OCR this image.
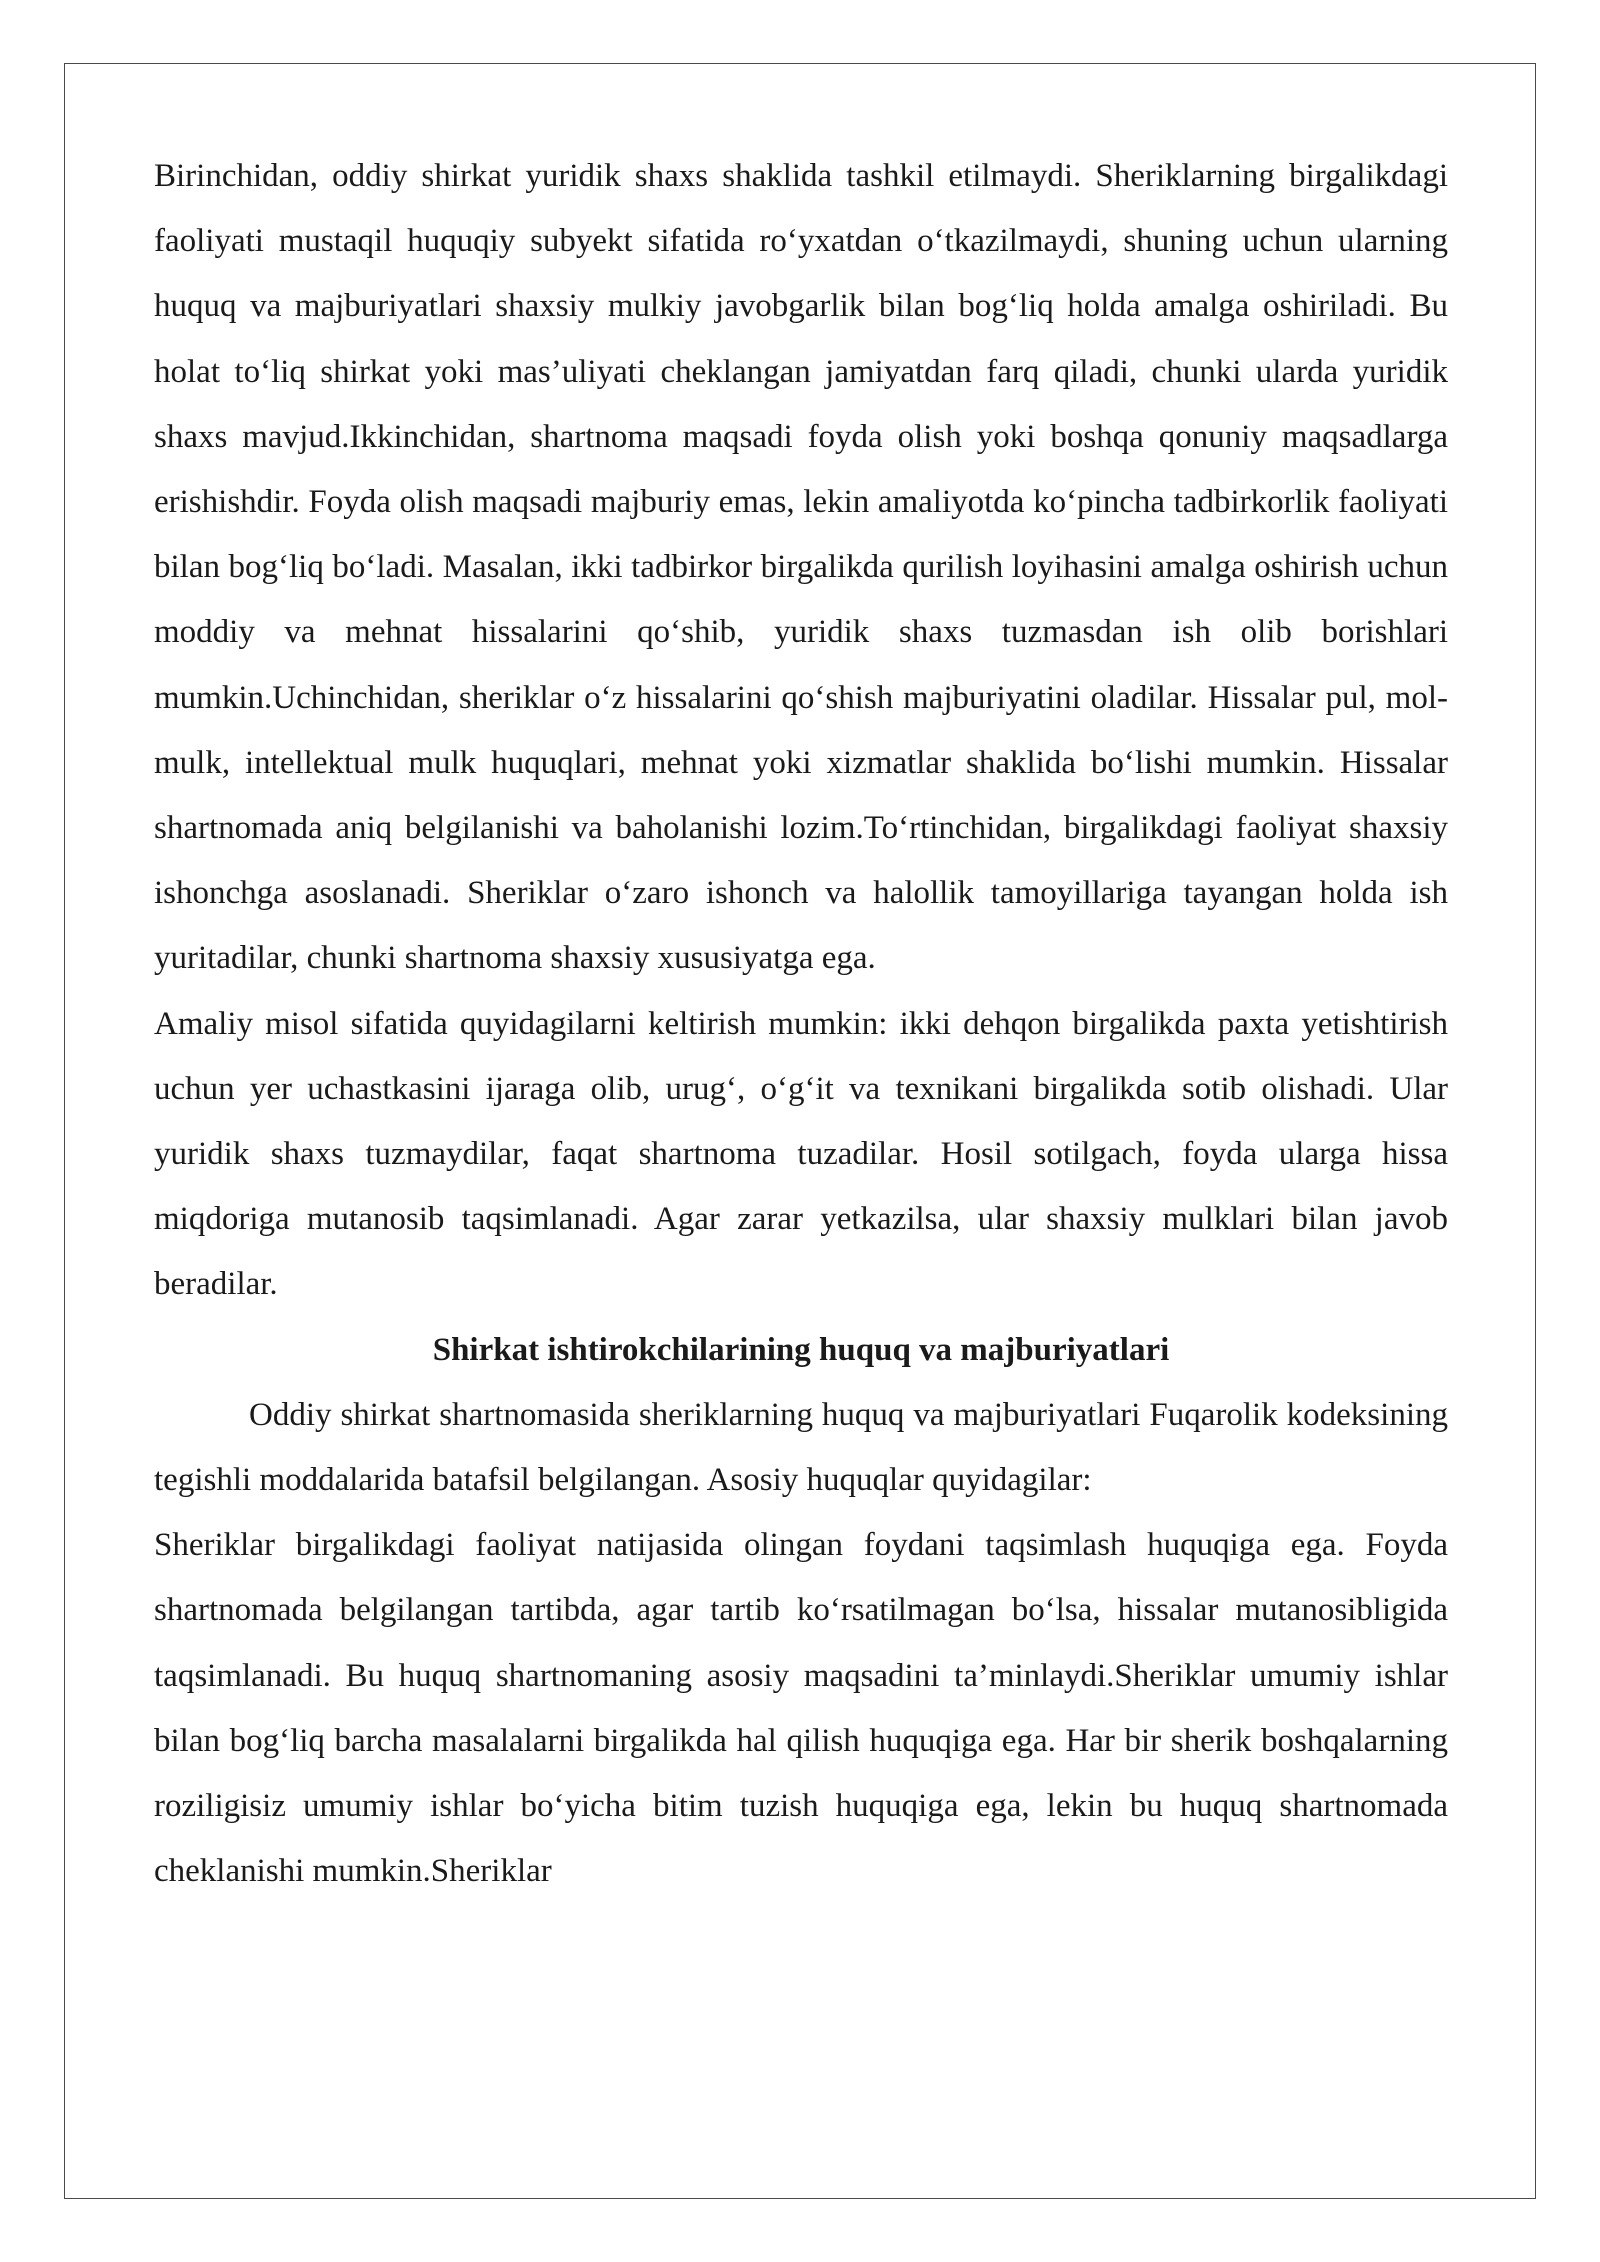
Birinchidan, oddiy shirkat yuridik shaxs shaklida tashkil etilmaydi. Sheriklarning birgalikdagi faoliyati mustaqil huquqiy subyekt sifatida roʻyxatdan oʻtkazilmaydi, shuning uchun ularning huquq va majburiyatlari shaxsiy mulkiy javobgarlik bilan bogʻliq holda amalga oshiriladi. Bu holat toʻliq shirkat yoki mas’uliyati cheklangan jamiyatdan farq qiladi, chunki ularda yuridik shaxs mavjud.Ikkinchidan, shartnoma maqsadi foyda olish yoki boshqa qonuniy maqsadlarga erishishdir. Foyda olish maqsadi majburiy emas, lekin amaliyotda koʻpincha tadbirkorlik faoliyati bilan bogʻliq boʻladi. Masalan, ikki tadbirkor birgalikda qurilish loyihasini amalga oshirish uchun moddiy va mehnat hissalarini qoʻshib, yuridik shaxs tuzmasdan ish olib borishlari mumkin.Uchinchidan, sheriklar oʻz hissalarini qoʻshish majburiyatini oladilar. Hissalar pul, mol-mulk, intellektual mulk huquqlari, mehnat yoki xizmatlar shaklida boʻlishi mumkin. Hissalar shartnomada aniq belgilanishi va baholanishi lozim.Toʻrtinchidan, birgalikdagi faoliyat shaxsiy ishonchga asoslanadi. Sheriklar oʻzaro ishonch va halollik tamoyillariga tayangan holda ish yuritadilar, chunki shartnoma shaxsiy xususiyatga ega.

Amaliy misol sifatida quyidagilarni keltirish mumkin: ikki dehqon birgalikda paxta yetishtirish uchun yer uchastkasini ijaraga olib, urugʻ, oʻgʻit va texnikani birgalikda sotib olishadi. Ular yuridik shaxs tuzmaydilar, faqat shartnoma tuzadilar. Hosil sotilgach, foyda ularga hissa miqdoriga mutanosib taqsimlanadi. Agar zarar yetkazilsa, ular shaxsiy mulklari bilan javob beradilar.

Shirkat ishtirokchilarining huquq va majburiyatlari

Oddiy shirkat shartnomasida sheriklarning huquq va majburiyatlari Fuqarolik kodeksining tegishli moddalarida batafsil belgilangan. Asosiy huquqlar quyidagilar:

Sheriklar birgalikdagi faoliyat natijasida olingan foydani taqsimlash huquqiga ega. Foyda shartnomada belgilangan tartibda, agar tartib koʻrsatilmagan boʻlsa, hissalar mutanosibligida taqsimlanadi. Bu huquq shartnomaning asosiy maqsadini ta’minlaydi.Sheriklar umumiy ishlar bilan bogʻliq barcha masalalarni birgalikda hal qilish huquqiga ega. Har bir sherik boshqalarning roziligisiz umumiy ishlar boʻyicha bitim tuzish huquqiga ega, lekin bu huquq shartnomada cheklanishi mumkin.Sheriklar
